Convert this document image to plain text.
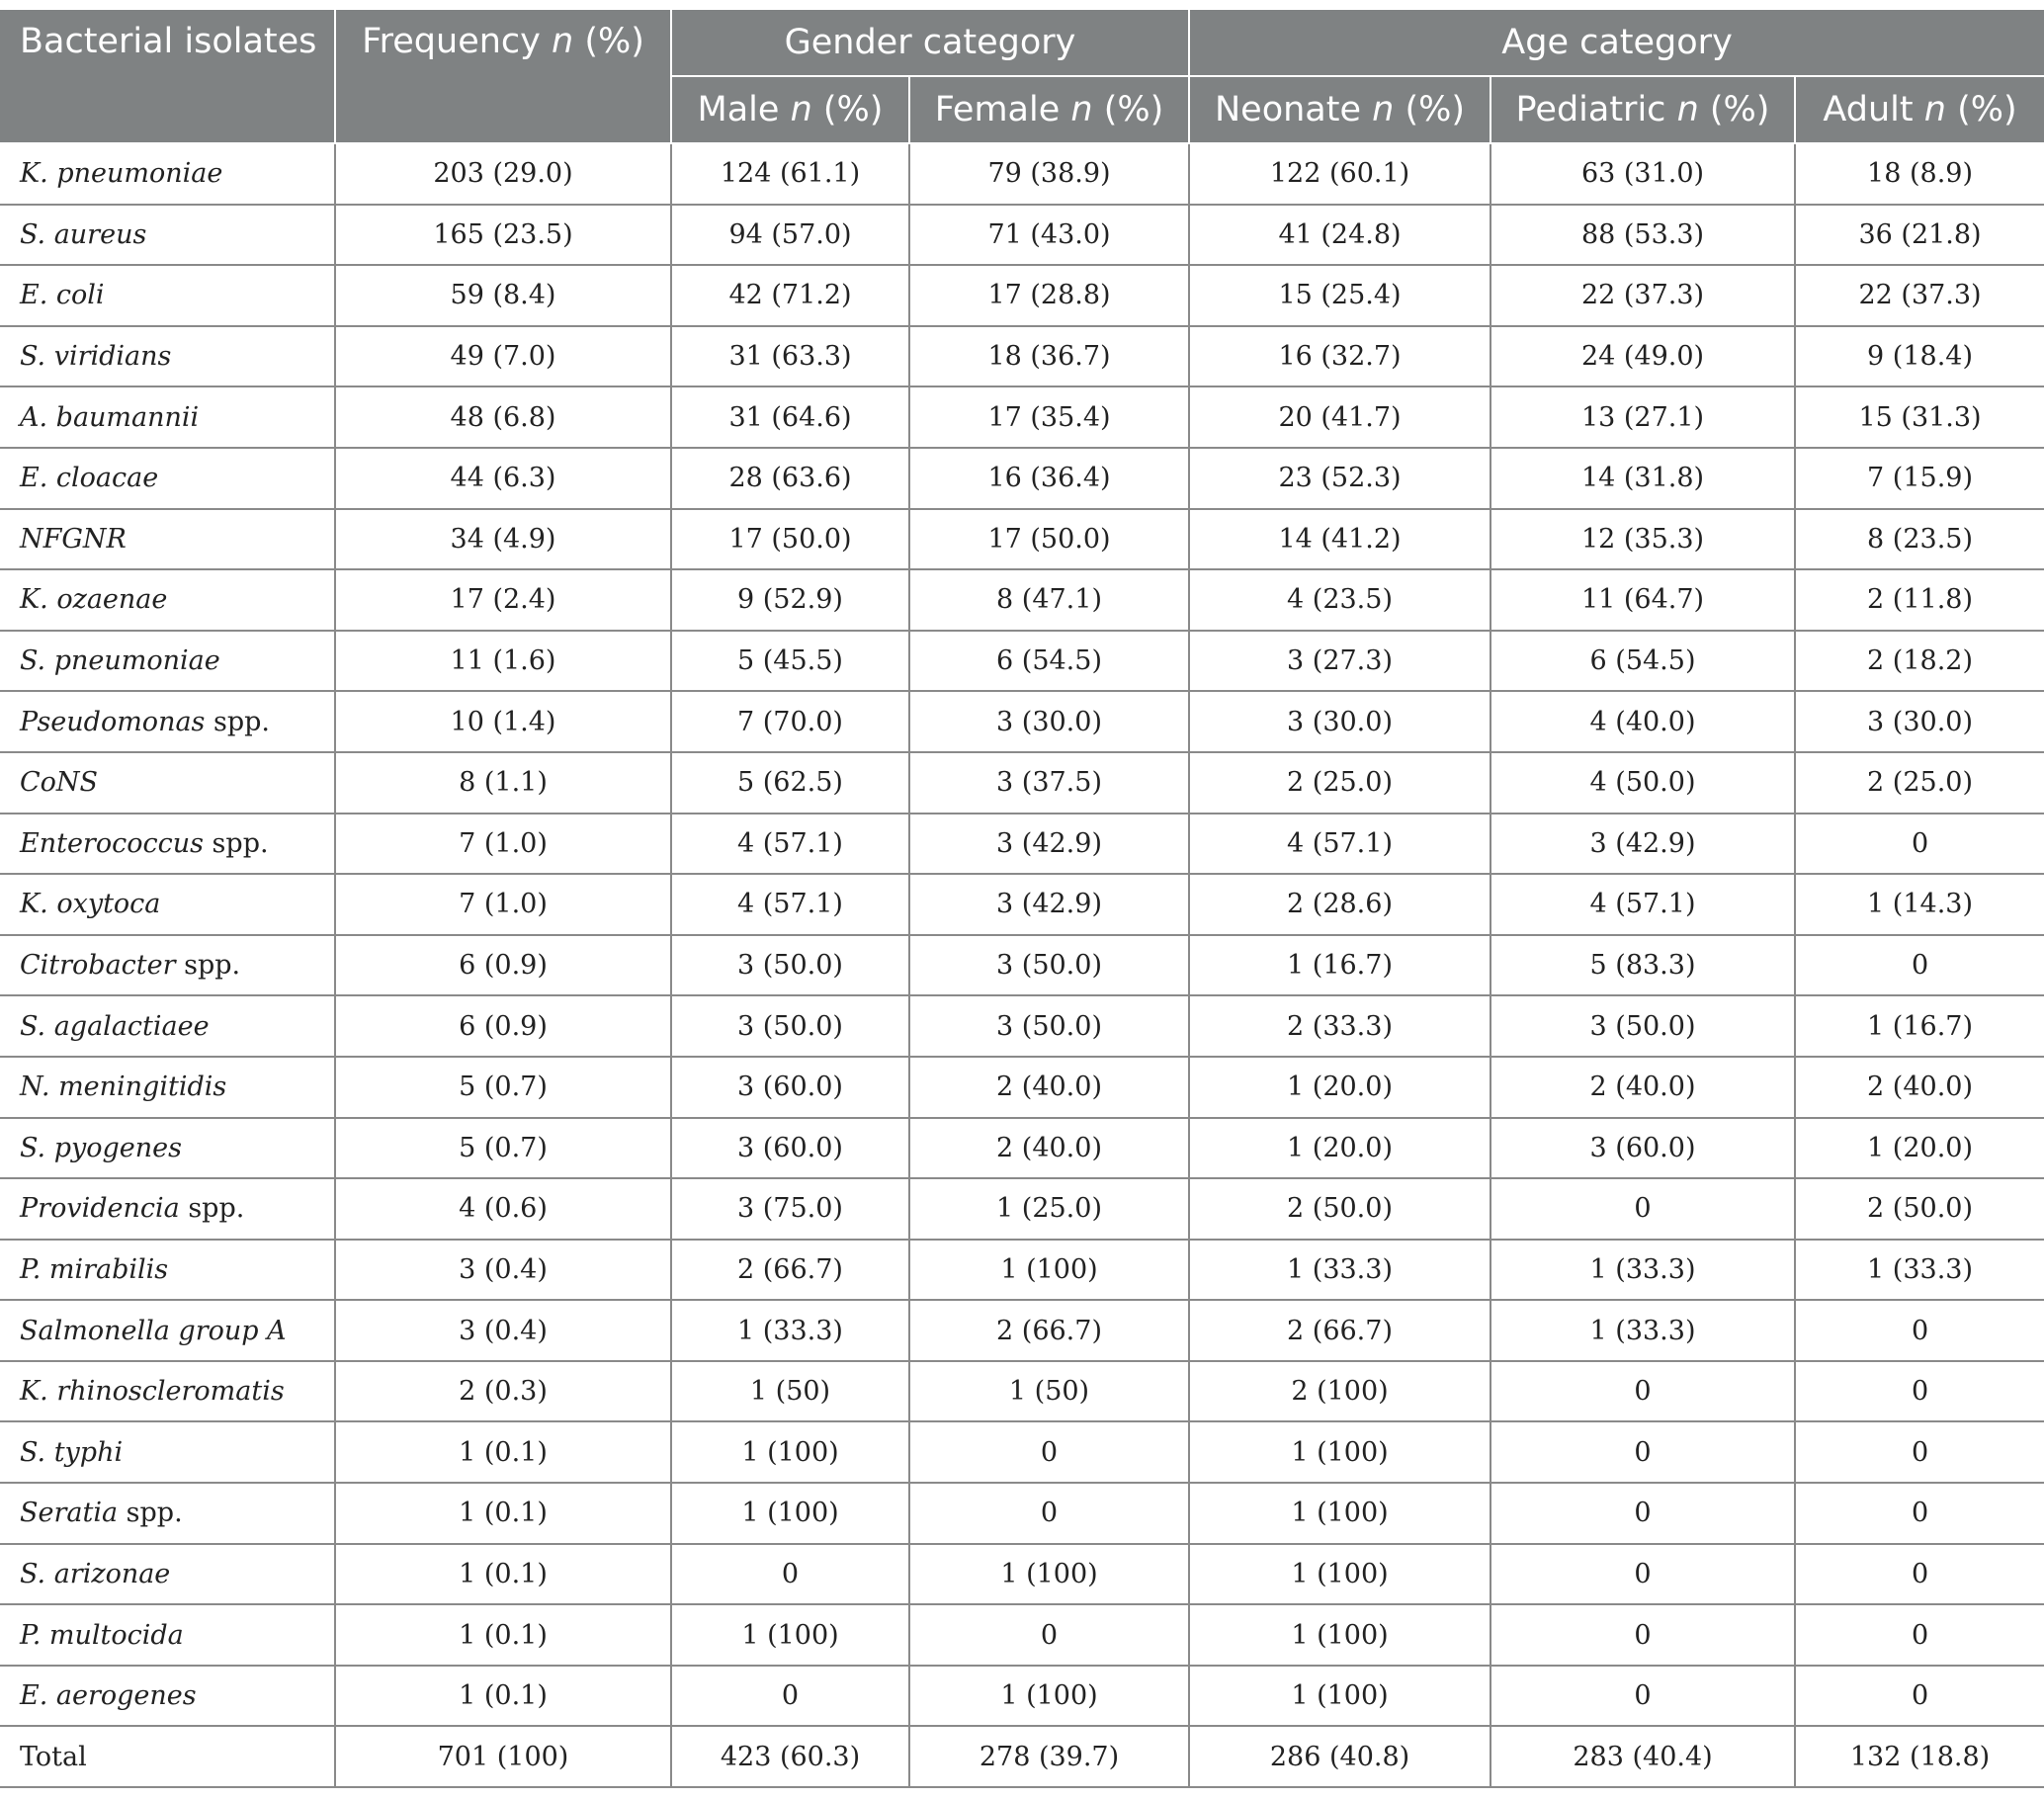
Bacterial isolates	Frequency n (%)	Gender category		Age category		
		Male n (%)	Female n (%)	Neonate n (%)	Pediatric n (%)	Adult n (%)
K. pneumoniae	203 (29.0)	124 (61.1)	79 (38.9)	122 (60.1)	63 (31.0)	18 (8.9)
S. aureus	165 (23.5)	94 (57.0)	71 (43.0)	41 (24.8)	88 (53.3)	36 (21.8)
E. coli	59 (8.4)	42 (71.2)	17 (28.8)	15 (25.4)	22 (37.3)	22 (37.3)
S. viridians	49 (7.0)	31 (63.3)	18 (36.7)	16 (32.7)	24 (49.0)	9 (18.4)
A. baumannii	48 (6.8)	31 (64.6)	17 (35.4)	20 (41.7)	13 (27.1)	15 (31.3)
E. cloacae	44 (6.3)	28 (63.6)	16 (36.4)	23 (52.3)	14 (31.8)	7 (15.9)
NFGNR	34 (4.9)	17 (50.0)	17 (50.0)	14 (41.2)	12 (35.3)	8 (23.5)
K. ozaenae	17 (2.4)	9 (52.9)	8 (47.1)	4 (23.5)	11 (64.7)	2 (11.8)
S. pneumoniae	11 (1.6)	5 (45.5)	6 (54.5)	3 (27.3)	6 (54.5)	2 (18.2)
Pseudomonas spp.	10 (1.4)	7 (70.0)	3 (30.0)	3 (30.0)	4 (40.0)	3 (30.0)
CoNS	8 (1.1)	5 (62.5)	3 (37.5)	2 (25.0)	4 (50.0)	2 (25.0)
Enterococcus spp.	7 (1.0)	4 (57.1)	3 (42.9)	4 (57.1)	3 (42.9)	0
K. oxytoca	7 (1.0)	4 (57.1)	3 (42.9)	2 (28.6)	4 (57.1)	1 (14.3)
Citrobacter spp.	6 (0.9)	3 (50.0)	3 (50.0)	1 (16.7)	5 (83.3)	0
S. agalactiaee	6 (0.9)	3 (50.0)	3 (50.0)	2 (33.3)	3 (50.0)	1 (16.7)
N. meningitidis	5 (0.7)	3 (60.0)	2 (40.0)	1 (20.0)	2 (40.0)	2 (40.0)
S. pyogenes	5 (0.7)	3 (60.0)	2 (40.0)	1 (20.0)	3 (60.0)	1 (20.0)
Providencia spp.	4 (0.6)	3 (75.0)	1 (25.0)	2 (50.0)	0	2 (50.0)
P. mirabilis	3 (0.4)	2 (66.7)	1 (100)	1 (33.3)	1 (33.3)	1 (33.3)
Salmonella group A	3 (0.4)	1 (33.3)	2 (66.7)	2 (66.7)	1 (33.3)	0
K. rhinoscleromatis	2 (0.3)	1 (50)	1 (50)	2 (100)	0	0
S. typhi	1 (0.1)	1 (100)	0	1 (100)	0	0
Seratia spp.	1 (0.1)	1 (100)	0	1 (100)	0	0
S. arizonae	1 (0.1)	0	1 (100)	1 (100)	0	0
P. multocida	1 (0.1)	1 (100)	0	1 (100)	0	0
E. aerogenes	1 (0.1)	0	1 (100)	1 (100)	0	0
Total	701 (100)	423 (60.3)	278 (39.7)	286 (40.8)	283 (40.4)	132 (18.8)
